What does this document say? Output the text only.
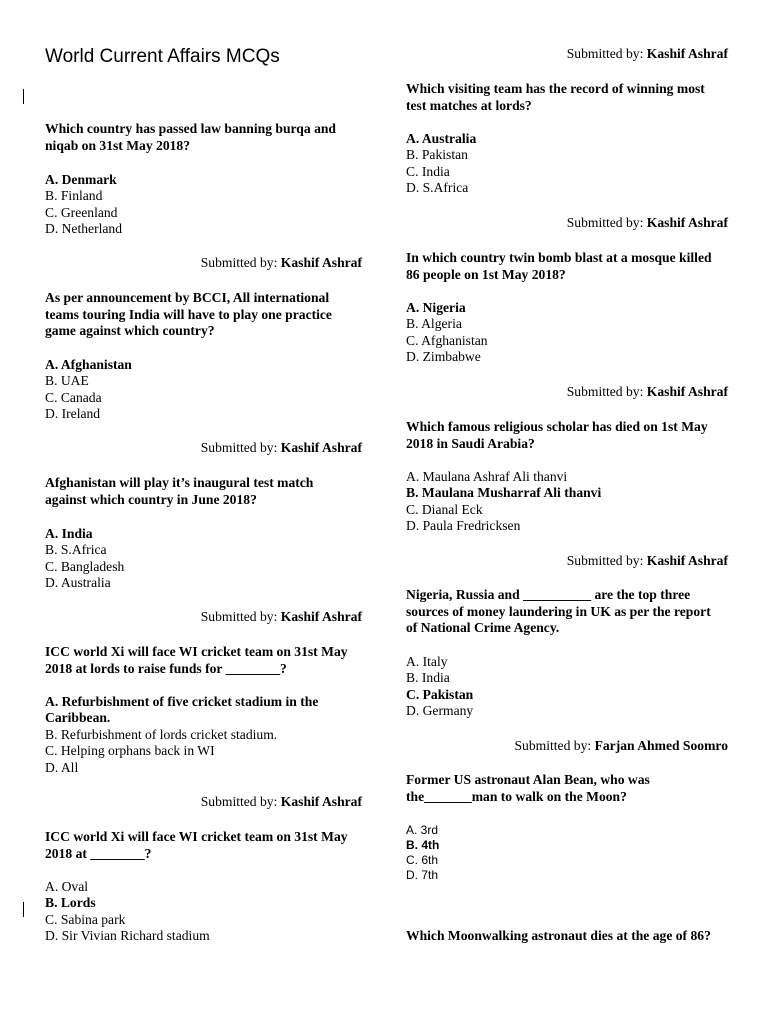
World Current Affairs MCQs

Which country has passed law banning burqa and niqab on 31st May 2018?

A. Denmark
B. Finland
C. Greenland
D. Netherland
Submitted by: Kashif Ashraf

As per announcement by BCCI, All international teams touring India will have to play one practice game against which country?

A. Afghanistan
B. UAE
C. Canada
D. Ireland
Submitted by: Kashif Ashraf

Afghanistan will play it’s inaugural test match against which country in June 2018?

A. India
B. S.Africa
C. Bangladesh
D. Australia
Submitted by: Kashif Ashraf

ICC world Xi will face WI cricket team on 31st May 2018 at lords to raise funds for ________?

A. Refurbishment of five cricket stadium in the Caribbean.
B. Refurbishment of lords cricket stadium.
C. Helping orphans back in WI
D. All
Submitted by: Kashif Ashraf

ICC world Xi will face WI cricket team on 31st May 2018 at ________?

A. Oval
B. Lords
C. Sabina park
D. Sir Vivian Richard stadium
Submitted by: Kashif Ashraf

Which visiting team has the record of winning most test matches at lords?

A. Australia
B. Pakistan
C. India
D. S.Africa
Submitted by: Kashif Ashraf

In which country twin bomb blast at a mosque killed 86 people on 1st May 2018?

A. Nigeria
B. Algeria
C. Afghanistan
D. Zimbabwe
Submitted by: Kashif Ashraf

Which famous religious scholar has died on 1st May 2018 in Saudi Arabia?

A. Maulana Ashraf Ali thanvi
B. Maulana Musharraf Ali thanvi
C. Dianal Eck
D. Paula Fredricksen
Submitted by: Kashif Ashraf

Nigeria, Russia and __________ are the top three sources of money laundering in UK as per the report of National Crime Agency.

A. Italy
B. India
C. Pakistan
D. Germany
Submitted by: Farjan Ahmed Soomro

Former US astronaut Alan Bean, who was the_______man to walk on the Moon?

A. 3rd
B. 4th
C. 6th
D. 7th

Which Moonwalking astronaut dies at the age of 86?
